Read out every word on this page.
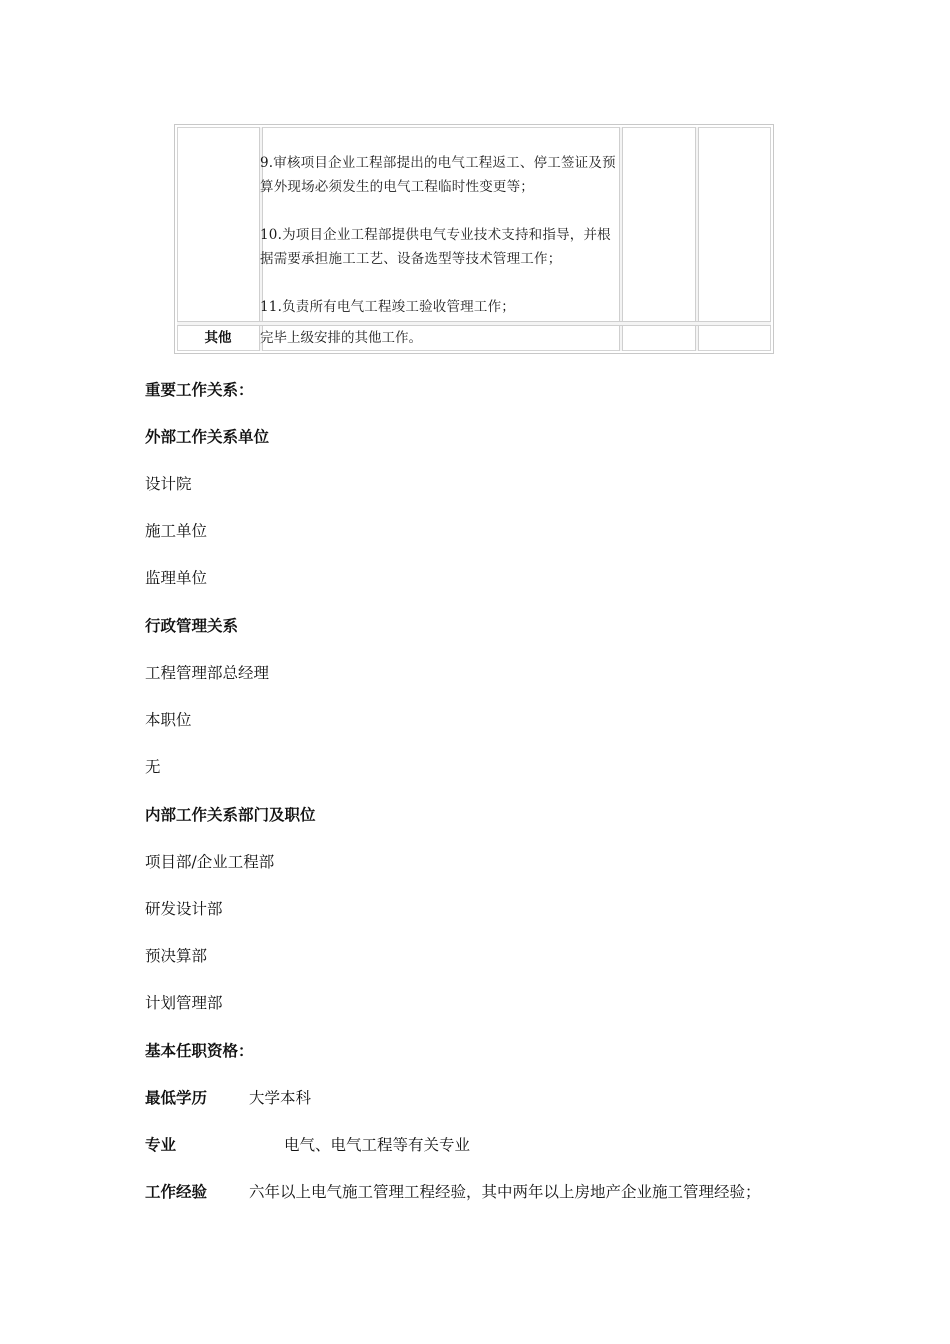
9.审核项目企业工程部提出的电气工程返工、停工签证及预算外现场必须发生的电气工程临时性变更等；
10.为项目企业工程部提供电气专业技术支持和指导，并根据需要承担施工工艺、设备选型等技术管理工作；
11.负责所有电气工程竣工验收管理工作；
其他	完毕上级安排的其他工作。
重要工作关系：
外部工作关系单位
设计院
施工单位
监理单位
行政管理关系
工程管理部总经理
本职位
无
内部工作关系部门及职位
项目部/企业工程部
研发设计部
预决算部
计划管理部
基本任职资格：
最低学历	大学本科
专业	电气、电气工程等有关专业
工作经验	六年以上电气施工管理工程经验，其中两年以上房地产企业施工管理经验；
